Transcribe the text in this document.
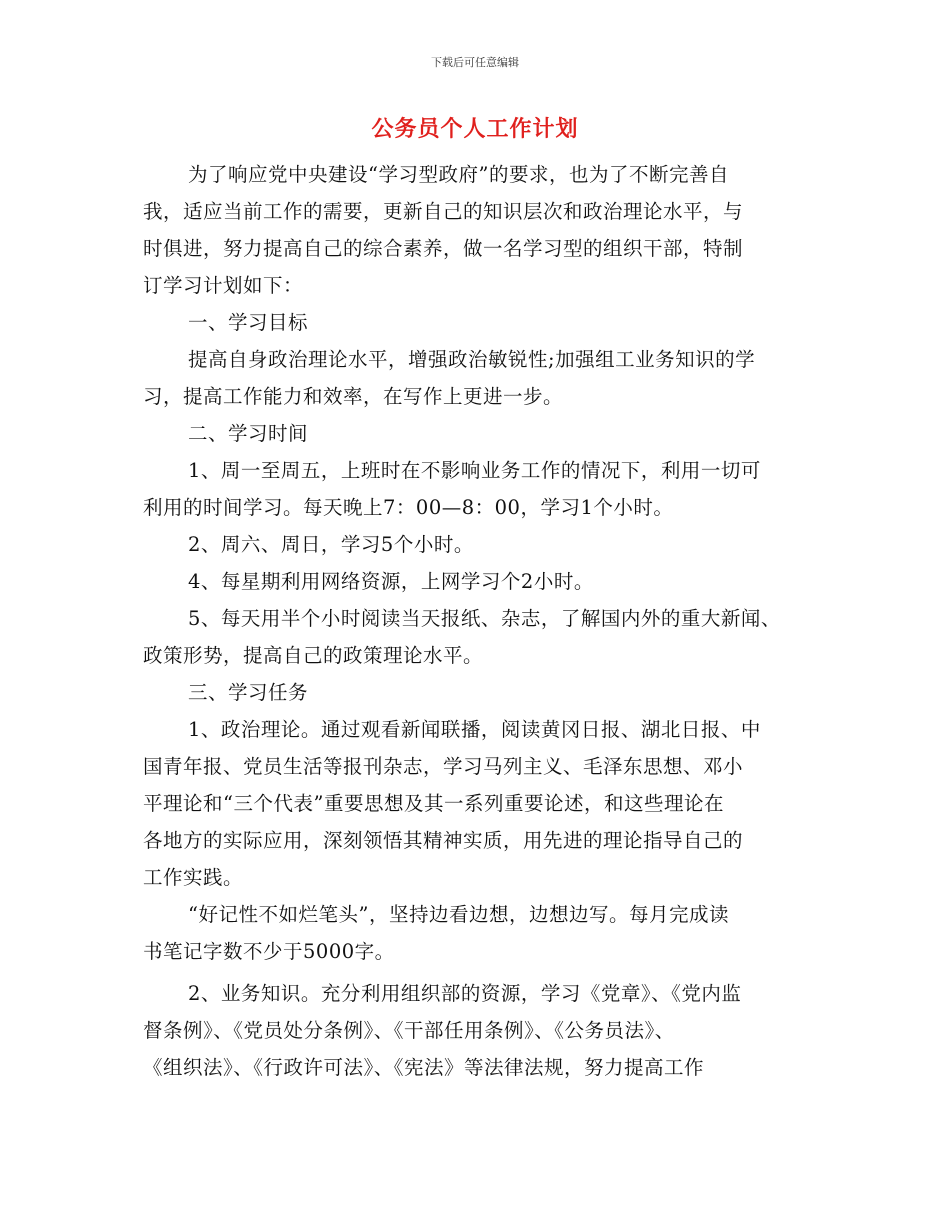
下载后可任意编辑
公务员个人工作计划
为了响应党中央建设“学习型政府”的要求，也为了不断完善自
我，适应当前工作的需要，更新自己的知识层次和政治理论水平，与
时俱进，努力提高自己的综合素养，做一名学习型的组织干部，特制
订学习计划如下：
一、学习目标
提高自身政治理论水平，增强政治敏锐性;加强组工业务知识的学
习，提高工作能力和效率，在写作上更进一步。
二、学习时间
1、周一至周五，上班时在不影响业务工作的情况下，利用一切可
利用的时间学习。每天晚上7：00—8：00，学习1个小时。
2、周六、周日，学习5个小时。
4、每星期利用网络资源，上网学习个2小时。
5、每天用半个小时阅读当天报纸、杂志，了解国内外的重大新闻、
政策形势，提高自己的政策理论水平。
三、学习任务
1、政治理论。通过观看新闻联播，阅读黄冈日报、湖北日报、中
国青年报、党员生活等报刊杂志，学习马列主义、毛泽东思想、邓小
平理论和“三个代表”重要思想及其一系列重要论述，和这些理论在
各地方的实际应用，深刻领悟其精神实质，用先进的理论指导自己的
工作实践。
“好记性不如烂笔头”，坚持边看边想，边想边写。每月完成读
书笔记字数不少于5000字。
2、业务知识。充分利用组织部的资源，学习《党章》、《党内监
督条例》、《党员处分条例》、《干部任用条例》、《公务员法》、
《组织法》、《行政许可法》、《宪法》等法律法规，努力提高工作
